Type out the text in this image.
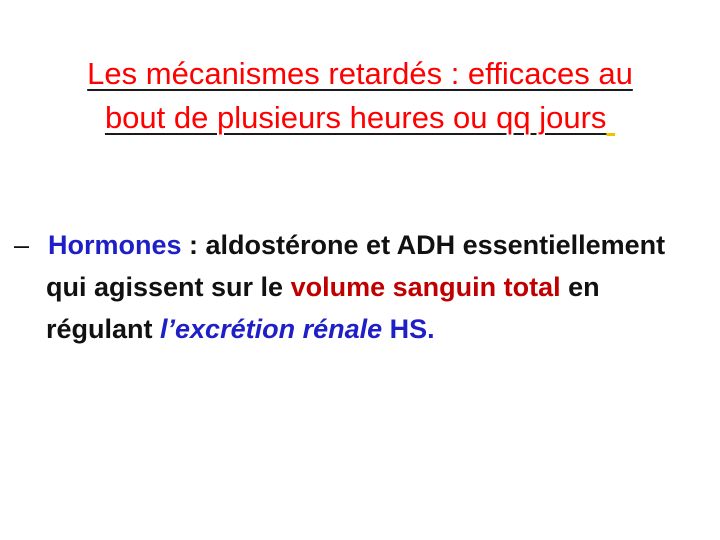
Les mécanismes retardés : efficaces au
bout de plusieurs heures ou qq jours
– Hormones : aldostérone et ADH essentiellement qui agissent sur le volume sanguin total en régulant l’excrétion rénale HS.
